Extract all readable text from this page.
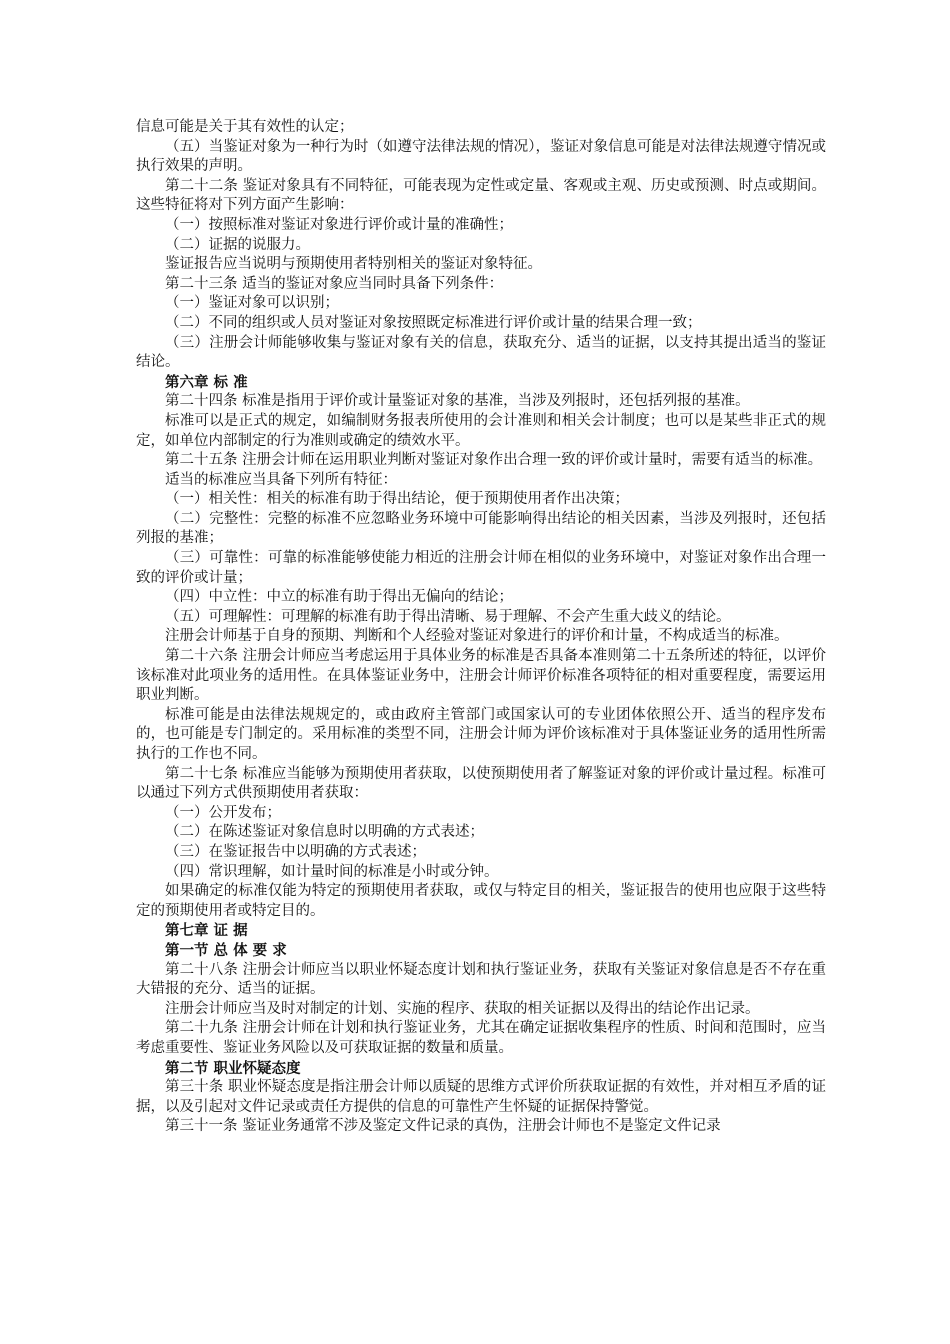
信息可能是关于其有效性的认定；

（五）当鉴证对象为一种行为时（如遵守法律法规的情况），鉴证对象信息可能是对法律法规遵守情况或执行效果的声明。

第二十二条 鉴证对象具有不同特征，可能表现为定性或定量、客观或主观、历史或预测、时点或期间。这些特征将对下列方面产生影响：

（一）按照标准对鉴证对象进行评价或计量的准确性；

（二）证据的说服力。

鉴证报告应当说明与预期使用者特别相关的鉴证对象特征。

第二十三条 适当的鉴证对象应当同时具备下列条件：

（一）鉴证对象可以识别；

（二）不同的组织或人员对鉴证对象按照既定标准进行评价或计量的结果合理一致；

（三）注册会计师能够收集与鉴证对象有关的信息，获取充分、适当的证据，以支持其提出适当的鉴证结论。

第六章 标 准

第二十四条 标准是指用于评价或计量鉴证对象的基准，当涉及列报时，还包括列报的基准。

标准可以是正式的规定，如编制财务报表所使用的会计准则和相关会计制度；也可以是某些非正式的规定，如单位内部制定的行为准则或确定的绩效水平。

第二十五条 注册会计师在运用职业判断对鉴证对象作出合理一致的评价或计量时，需要有适当的标准。

适当的标准应当具备下列所有特征：

（一）相关性：相关的标准有助于得出结论，便于预期使用者作出决策；

（二）完整性：完整的标准不应忽略业务环境中可能影响得出结论的相关因素，当涉及列报时，还包括列报的基准；

（三）可靠性：可靠的标准能够使能力相近的注册会计师在相似的业务环境中，对鉴证对象作出合理一致的评价或计量；

（四）中立性：中立的标准有助于得出无偏向的结论；

（五）可理解性：可理解的标准有助于得出清晰、易于理解、不会产生重大歧义的结论。

注册会计师基于自身的预期、判断和个人经验对鉴证对象进行的评价和计量，不构成适当的标准。

第二十六条 注册会计师应当考虑运用于具体业务的标准是否具备本准则第二十五条所述的特征，以评价该标准对此项业务的适用性。在具体鉴证业务中，注册会计师评价标准各项特征的相对重要程度，需要运用职业判断。

标准可能是由法律法规规定的，或由政府主管部门或国家认可的专业团体依照公开、适当的程序发布的，也可能是专门制定的。采用标准的类型不同，注册会计师为评价该标准对于具体鉴证业务的适用性所需执行的工作也不同。

第二十七条 标准应当能够为预期使用者获取，以使预期使用者了解鉴证对象的评价或计量过程。标准可以通过下列方式供预期使用者获取：

（一）公开发布；

（二）在陈述鉴证对象信息时以明确的方式表述；

（三）在鉴证报告中以明确的方式表述；

（四）常识理解，如计量时间的标准是小时或分钟。

如果确定的标准仅能为特定的预期使用者获取，或仅与特定目的相关，鉴证报告的使用也应限于这些特定的预期使用者或特定目的。

第七章 证 据
第一节 总 体 要 求

第二十八条 注册会计师应当以职业怀疑态度计划和执行鉴证业务，获取有关鉴证对象信息是否不存在重大错报的充分、适当的证据。

注册会计师应当及时对制定的计划、实施的程序、获取的相关证据以及得出的结论作出记录。

第二十九条 注册会计师在计划和执行鉴证业务，尤其在确定证据收集程序的性质、时间和范围时，应当考虑重要性、鉴证业务风险以及可获取证据的数量和质量。

第二节 职业怀疑态度

第三十条 职业怀疑态度是指注册会计师以质疑的思维方式评价所获取证据的有效性，并对相互矛盾的证据，以及引起对文件记录或责任方提供的信息的可靠性产生怀疑的证据保持警觉。

第三十一条 鉴证业务通常不涉及鉴定文件记录的真伪，注册会计师也不是鉴定文件记录
